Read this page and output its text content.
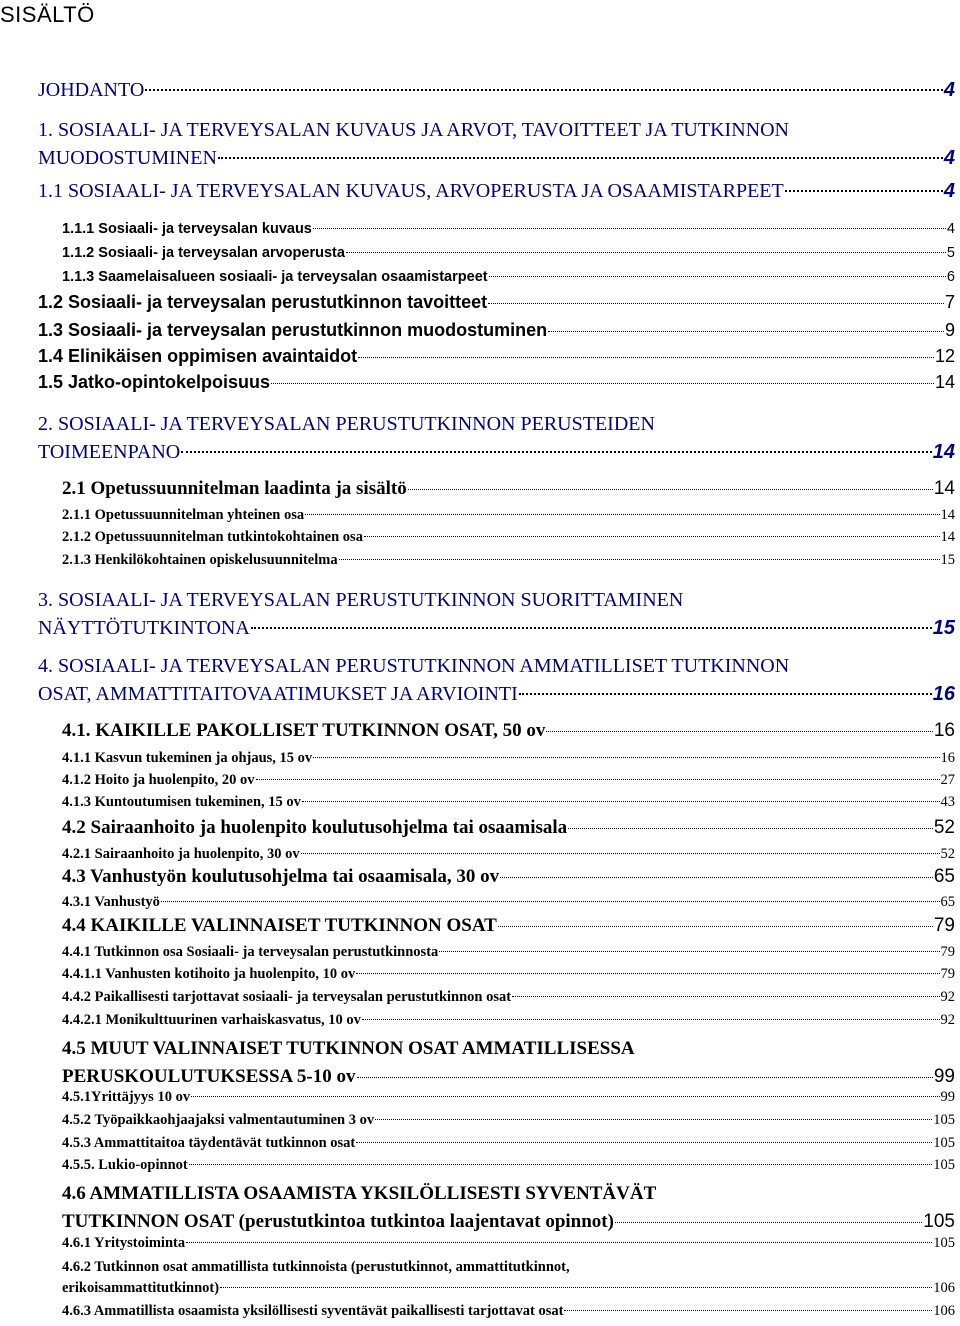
SISÄLTÖ
JOHDANTO	4
1. SOSIAALI- JA TERVEYSALAN KUVAUS JA ARVOT, TAVOITTEET JA TUTKINNON
MUODOSTUMINEN	4
1.1 SOSIAALI- JA TERVEYSALAN KUVAUS, ARVOPERUSTA JA OSAAMISTARPEET	4
1.1.1 Sosiaali- ja terveysalan kuvaus	4
1.1.2 Sosiaali- ja terveysalan arvoperusta	5
1.1.3 Saamelaisalueen sosiaali- ja terveysalan osaamistarpeet	6
1.2 Sosiaali- ja terveysalan perustutkinnon tavoitteet	7
1.3 Sosiaali- ja terveysalan perustutkinnon muodostuminen	9
1.4 Elinikäisen oppimisen avaintaidot	12
1.5 Jatko-opintokelpoisuus	14
2. SOSIAALI- JA TERVEYSALAN PERUSTUTKINNON PERUSTEIDEN
TOIMEENPANO	14
2.1 Opetussuunnitelman laadinta ja sisältö	14
2.1.1 Opetussuunnitelman yhteinen osa	14
2.1.2 Opetussuunnitelman tutkintokohtainen osa	14
2.1.3 Henkilökohtainen opiskelusuunnitelma	15
3. SOSIAALI- JA TERVEYSALAN PERUSTUTKINNON SUORITTAMINEN
NÄYTTÖTUTKINTONA	15
4. SOSIAALI- JA TERVEYSALAN PERUSTUTKINNON AMMATILLISET TUTKINNON
OSAT, AMMATTITAITOVAATIMUKSET JA ARVIOINTI	16
4.1. KAIKILLE PAKOLLISET TUTKINNON OSAT, 50 ov	16
4.1.1 Kasvun tukeminen ja ohjaus, 15 ov	16
4.1.2 Hoito ja huolenpito, 20 ov	27
4.1.3 Kuntoutumisen tukeminen, 15 ov	43
4.2 Sairaanhoito ja huolenpito koulutusohjelma tai osaamisala	52
4.2.1 Sairaanhoito ja huolenpito, 30 ov	52
4.3 Vanhustyön koulutusohjelma tai osaamisala, 30 ov	65
4.3.1 Vanhustyö	65
4.4 KAIKILLE VALINNAISET TUTKINNON OSAT	79
4.4.1 Tutkinnon osa Sosiaali- ja terveysalan perustutkinnosta	79
4.4.1.1 Vanhusten kotihoito ja huolenpito, 10 ov	79
4.4.2 Paikallisesti tarjottavat sosiaali- ja terveysalan perustutkinnon osat	92
4.4.2.1 Monikulttuurinen varhaiskasvatus, 10 ov	92
4.5 MUUT VALINNAISET TUTKINNON OSAT AMMATILLISESSA
PERUSKOULUTUKSESSA 5-10 ov	99
4.5.1Yrittäjyys 10 ov	99
4.5.2 Työpaikkaohjaajaksi valmentautuminen 3 ov	105
4.5.3 Ammattitaitoa täydentävät tutkinnon osat	105
4.5.5. Lukio-opinnot	105
4.6 AMMATILLISTA OSAAMISTA YKSILÖLLISESTI SYVENTÄVÄT
TUTKINNON OSAT (perustutkintoa tutkintoa laajentavat opinnot)	105
4.6.1 Yritystoiminta	105
4.6.2 Tutkinnon osat ammatillista tutkinnoista (perustutkinnot, ammattitutkinnot,
erikoisammattitutkinnot)	106
4.6.3 Ammatillista osaamista yksilöllisesti syventävät paikallisesti tarjottavat osat	106
